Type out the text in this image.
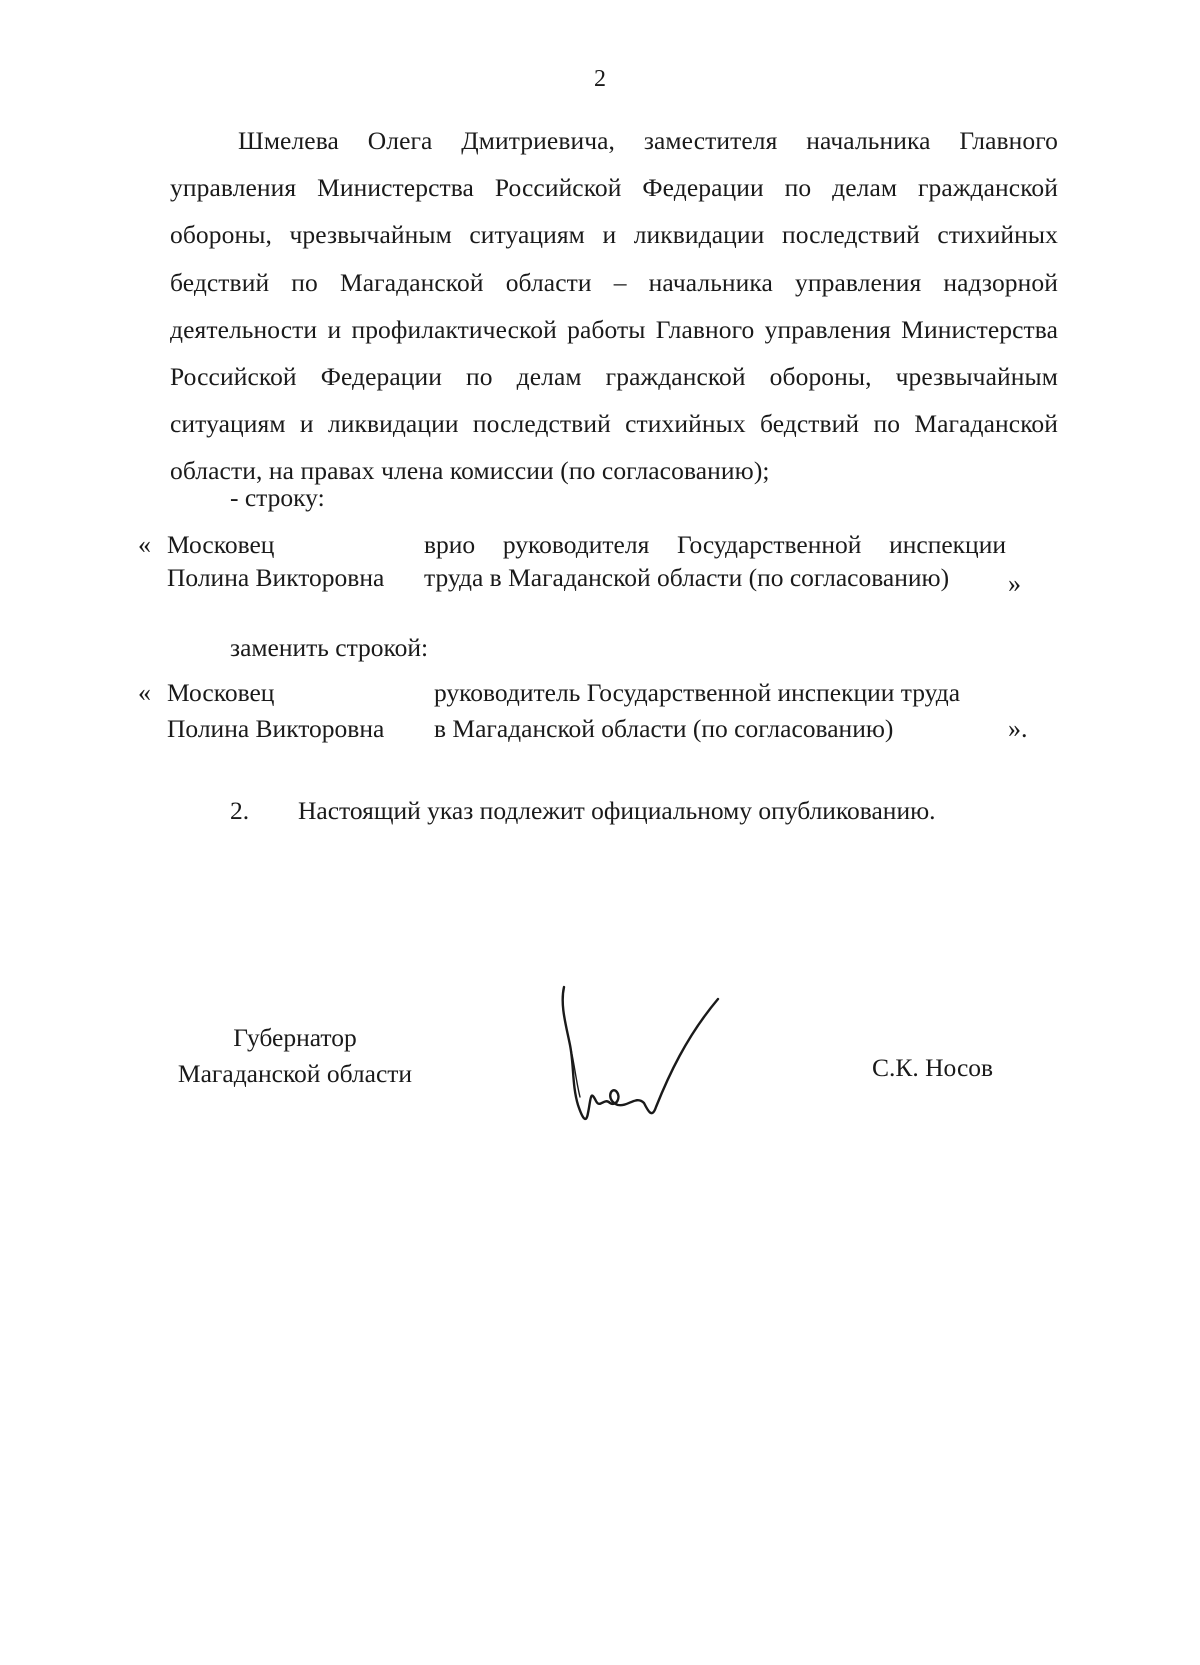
2

Шмелева Олега Дмитриевича, заместителя начальника Главного управления Министерства Российской Федерации по делам гражданской обороны, чрезвычайным ситуациям и ликвидации последствий стихийных бедствий по Магаданской области – начальника управления надзорной деятельности и профилактической работы Главного управления Министерства Российской Федерации по делам гражданской обороны, чрезвычайным ситуациям и ликвидации последствий стихийных бедствий по Магаданской области, на правах члена комиссии (по согласованию);

- строку:
« Московец
Полина Викторовна
врио руководителя Государственной инспекции
труда в Магаданской области (по согласованию) »
заменить строкой:
« Московец
Полина Викторовна
руководитель Государственной инспекции труда
в Магаданской области (по согласованию)	».
2. Настоящий указ подлежит официальному опубликованию.
Губернатор
Магаданской области	С.К. Носов
